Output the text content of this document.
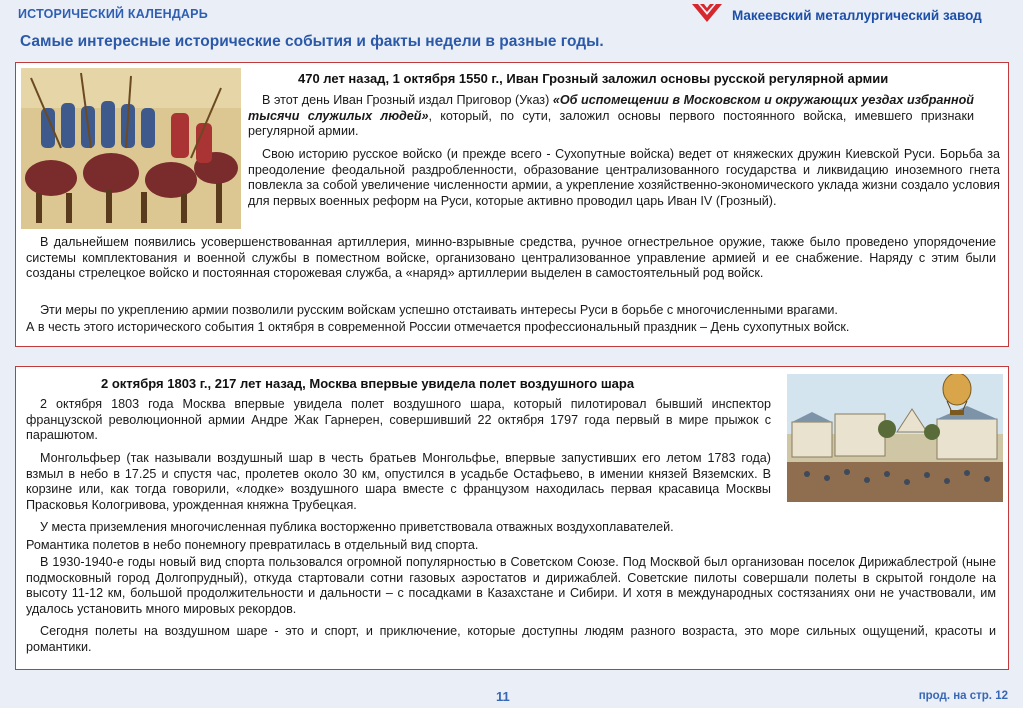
ИСТОРИЧЕСКИЙ КАЛЕНДАРЬ	Макеевский металлургический завод
Самые интересные исторические события и факты недели в разные годы.
470 лет назад, 1 октября 1550 г., Иван Грозный заложил основы русской регулярной армии

В этот день Иван Грозный издал Приговор (Указ) «Об испомещении в Московском и окружающих уездах избранной тысячи служилых людей», который, по сути, заложил основы первого постоянного войска, имевшего признаки регулярной армии.

Свою историю русское войско (и прежде всего - Сухопутные войска) ведет от княжеских дружин Киевской Руси. Борьба за преодоление феодальной раздробленности, образование централизованного государства и ликвидацию иноземного гнета повлекла за собой увеличение численности армии, а укрепление хозяйственно-экономического уклада жизни создало условия для первых военных реформ на Руси, которые активно проводил царь Иван IV (Грозный).

В дальнейшем появились усовершенствованная артиллерия, минно-взрывные средства, ручное огнестрельное оружие, также было проведено упорядочение системы комплектования и военной службы в поместном войске, организовано централизованное управление армией и ее снабжение. Наряду с этим были созданы стрелецкое войско и постоянная сторожевая служба, а «наряд» артиллерии выделен в самостоятельный род войск.

Эти меры по укреплению армии позволили русским войскам успешно отстаивать интересы Руси в борьбе с многочисленными врагами.

А в честь этого исторического события 1 октября в современной России отмечается профессиональный праздник – День сухопутных войск.

2 октября 1803 г., 217 лет назад, Москва впервые увидела полет воздушного шара

2 октября 1803 года Москва впервые увидела полет воздушного шара, который пилотировал бывший инспектор французской революционной армии Андре Жак Гарнерен, совершивший 22 октября 1797 года первый в мире прыжок с парашютом.

Монгольфьер (так называли воздушный шар в честь братьев Монгольфье, впервые запустивших его летом 1783 года) взмыл в небо в 17.25 и спустя час, пролетев около 30 км, опустился в усадьбе Остафьево, в имении князей Вяземских. В корзине или, как тогда говорили, «лодке» воздушного шара вместе с французом находилась первая красавица Москвы Прасковья Кологривова, урожденная княжна Трубецкая.

У места приземления многочисленная публика восторженно приветствовала отважных воздухоплавателей.

Романтика полетов в небо понемногу превратилась в отдельный вид спорта.

В 1930-1940-е годы новый вид спорта пользовался огромной популярностью в Советском Союзе. Под Москвой был организован поселок Дирижаблестрой (ныне подмосковный город Долгопрудный), откуда стартовали сотни газовых аэростатов и дирижаблей. Советские пилоты совершали полеты в скрытой гондоле на высоту 11-12 км, большой продолжительности и дальности – с посадками в Казахстане и Сибири. И хотя в международных состязаниях они не участвовали, им удалось установить много мировых рекордов.

Сегодня полеты на воздушном шаре - это и спорт, и приключение, которые доступны людям разного возраста, это море сильных ощущений, красоты и романтики.

11	прод. на стр. 12
